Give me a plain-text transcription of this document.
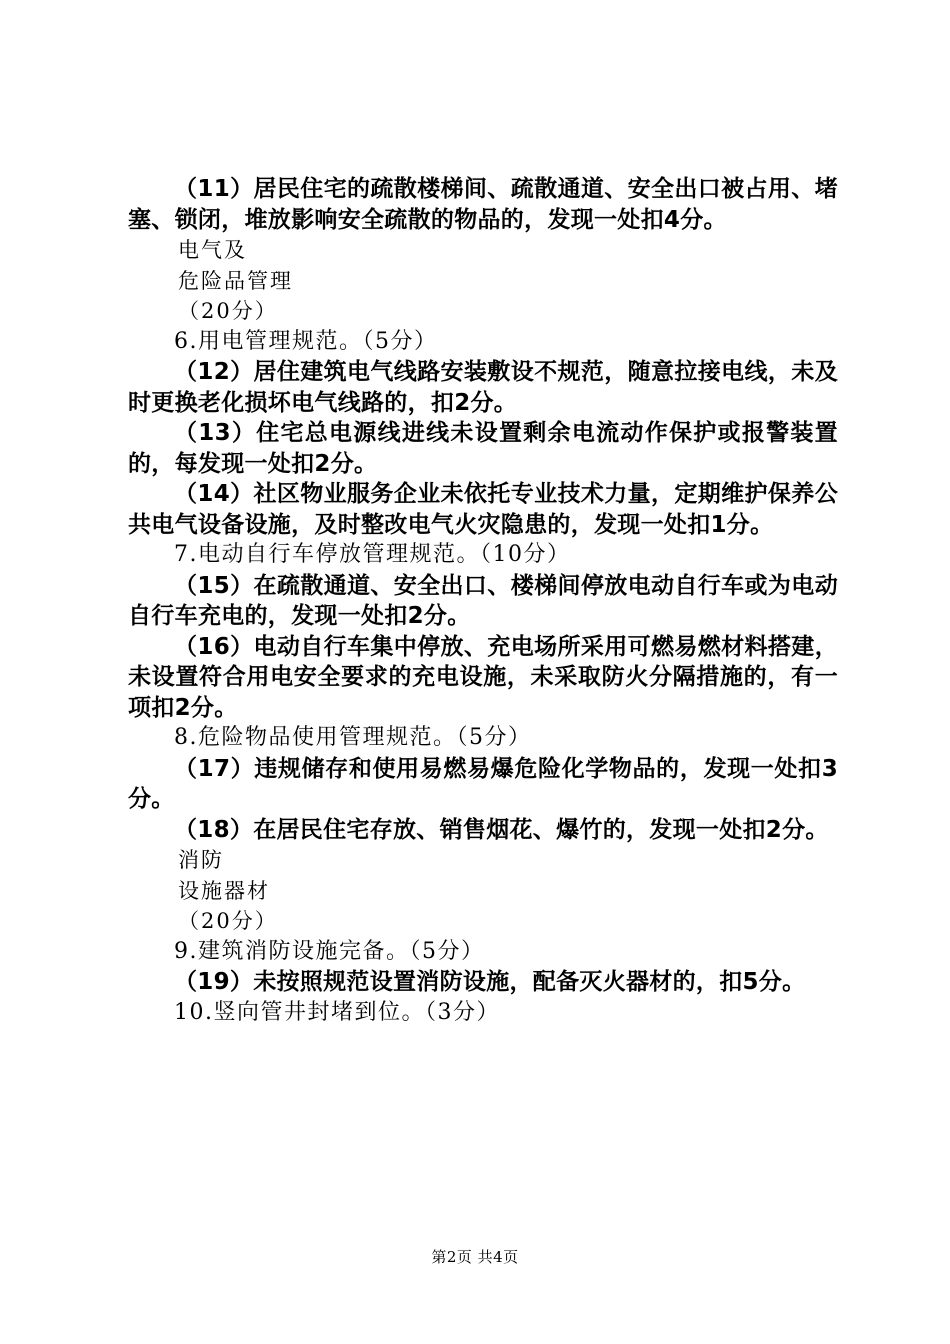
（11）居民住宅的疏散楼梯间、疏散通道、安全出口被占用、堵塞、锁闭，堆放影响安全疏散的物品的，发现一处扣4分。

电气及

危险品管理

（20分）

6.用电管理规范。（5分）

（12）居住建筑电气线路安装敷设不规范，随意拉接电线，未及时更换老化损坏电气线路的，扣2分。

（13）住宅总电源线进线未设置剩余电流动作保护或报警装置的，每发现一处扣2分。

（14）社区物业服务企业未依托专业技术力量，定期维护保养公共电气设备设施，及时整改电气火灾隐患的，发现一处扣1分。

7.电动自行车停放管理规范。（10分）

（15）在疏散通道、安全出口、楼梯间停放电动自行车或为电动自行车充电的，发现一处扣2分。

（16）电动自行车集中停放、充电场所采用可燃易燃材料搭建，未设置符合用电安全要求的充电设施，未采取防火分隔措施的，有一项扣2分。

8.危险物品使用管理规范。（5分）

（17）违规储存和使用易燃易爆危险化学物品的，发现一处扣3分。

（18）在居民住宅存放、销售烟花、爆竹的，发现一处扣2分。

消防

设施器材

（20分）

9.建筑消防设施完备。（5分）

（19）未按照规范设置消防设施，配备灭火器材的，扣5分。

10.竖向管井封堵到位。（3分）

第2页 共4页
